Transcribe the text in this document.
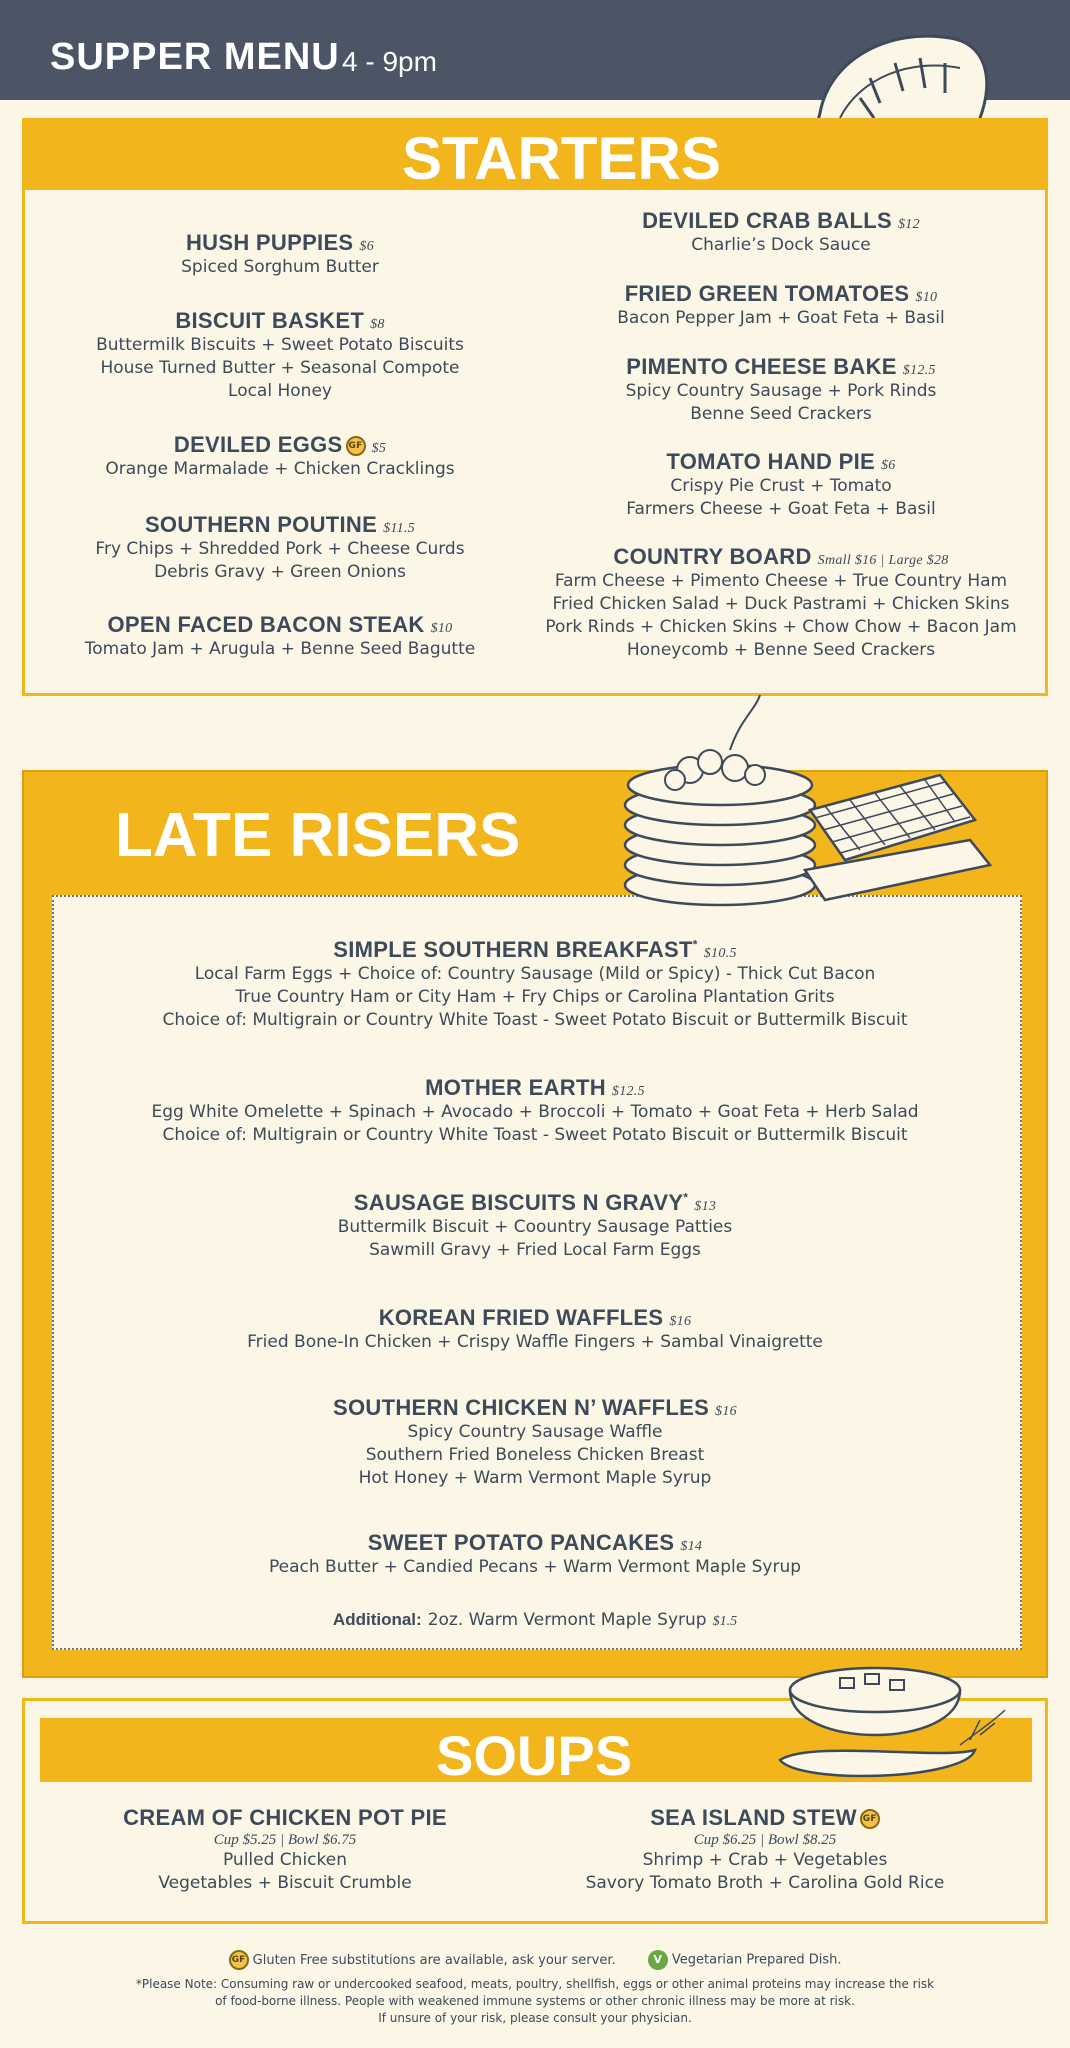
SUPPER MENU 4 - 9pm
STARTERS
HUSH PUPPIES $6
Spiced Sorghum Butter
BISCUIT BASKET $8
Buttermilk Biscuits + Sweet Potato Biscuits
House Turned Butter + Seasonal Compote
Local Honey
DEVILED EGGS GF $5
Orange Marmalade + Chicken Cracklings
SOUTHERN POUTINE $11.5
Fry Chips + Shredded Pork + Cheese Curds
Debris Gravy + Green Onions
OPEN FACED BACON STEAK $10
Tomato Jam + Arugula + Benne Seed Bagutte
DEVILED CRAB BALLS $12
Charlie’s Dock Sauce
FRIED GREEN TOMATOES $10
Bacon Pepper Jam + Goat Feta + Basil
PIMENTO CHEESE BAKE $12.5
Spicy Country Sausage + Pork Rinds
Benne Seed Crackers
TOMATO HAND PIE $6
Crispy Pie Crust + Tomato
Farmers Cheese + Goat Feta + Basil
COUNTRY BOARD Small $16 | Large $28
Farm Cheese + Pimento Cheese + True Country Ham
Fried Chicken Salad + Duck Pastrami + Chicken Skins
Pork Rinds + Chicken Skins + Chow Chow + Bacon Jam
Honeycomb + Benne Seed Crackers
LATE RISERS
SIMPLE SOUTHERN BREAKFAST*$10.5
Local Farm Eggs + Choice of: Country Sausage (Mild or Spicy) - Thick Cut Bacon
True Country Ham or City Ham + Fry Chips or Carolina Plantation Grits
Choice of: Multigrain or Country White Toast - Sweet Potato Biscuit or Buttermilk Biscuit
MOTHER EARTH $12.5
Egg White Omelette + Spinach + Avocado + Broccoli + Tomato + Goat Feta + Herb Salad
Choice of: Multigrain or Country White Toast - Sweet Potato Biscuit or Buttermilk Biscuit
SAUSAGE BISCUITS N GRAVY*$13
Buttermilk Biscuit + Coountry Sausage Patties
Sawmill Gravy + Fried Local Farm Eggs
KOREAN FRIED WAFFLES $16
Fried Bone-In Chicken + Crispy Waffle Fingers + Sambal Vinaigrette
SOUTHERN CHICKEN N’ WAFFLES $16
Spicy Country Sausage Waffle
Southern Fried Boneless Chicken Breast
Hot Honey + Warm Vermont Maple Syrup
SWEET POTATO PANCAKES $14
Peach Butter + Candied Pecans + Warm Vermont Maple Syrup
Additional: 2oz. Warm Vermont Maple Syrup $1.5
SOUPS
CREAM OF CHICKEN POT PIE
Cup $5.25 | Bowl $6.75
Pulled Chicken
Vegetables + Biscuit Crumble
SEA ISLAND STEW GF
Cup $6.25 | Bowl $8.25
Shrimp + Crab + Vegetables
Savory Tomato Broth + Carolina Gold Rice
GF Gluten Free substitutions are available, ask your server.	V Vegetarian Prepared Dish.
*Please Note: Consuming raw or undercooked seafood, meats, poultry, shellfish, eggs or other animal proteins may increase the risk
of food-borne illness. People with weakened immune systems or other chronic illness may be more at risk.
If unsure of your risk, please consult your physician.
